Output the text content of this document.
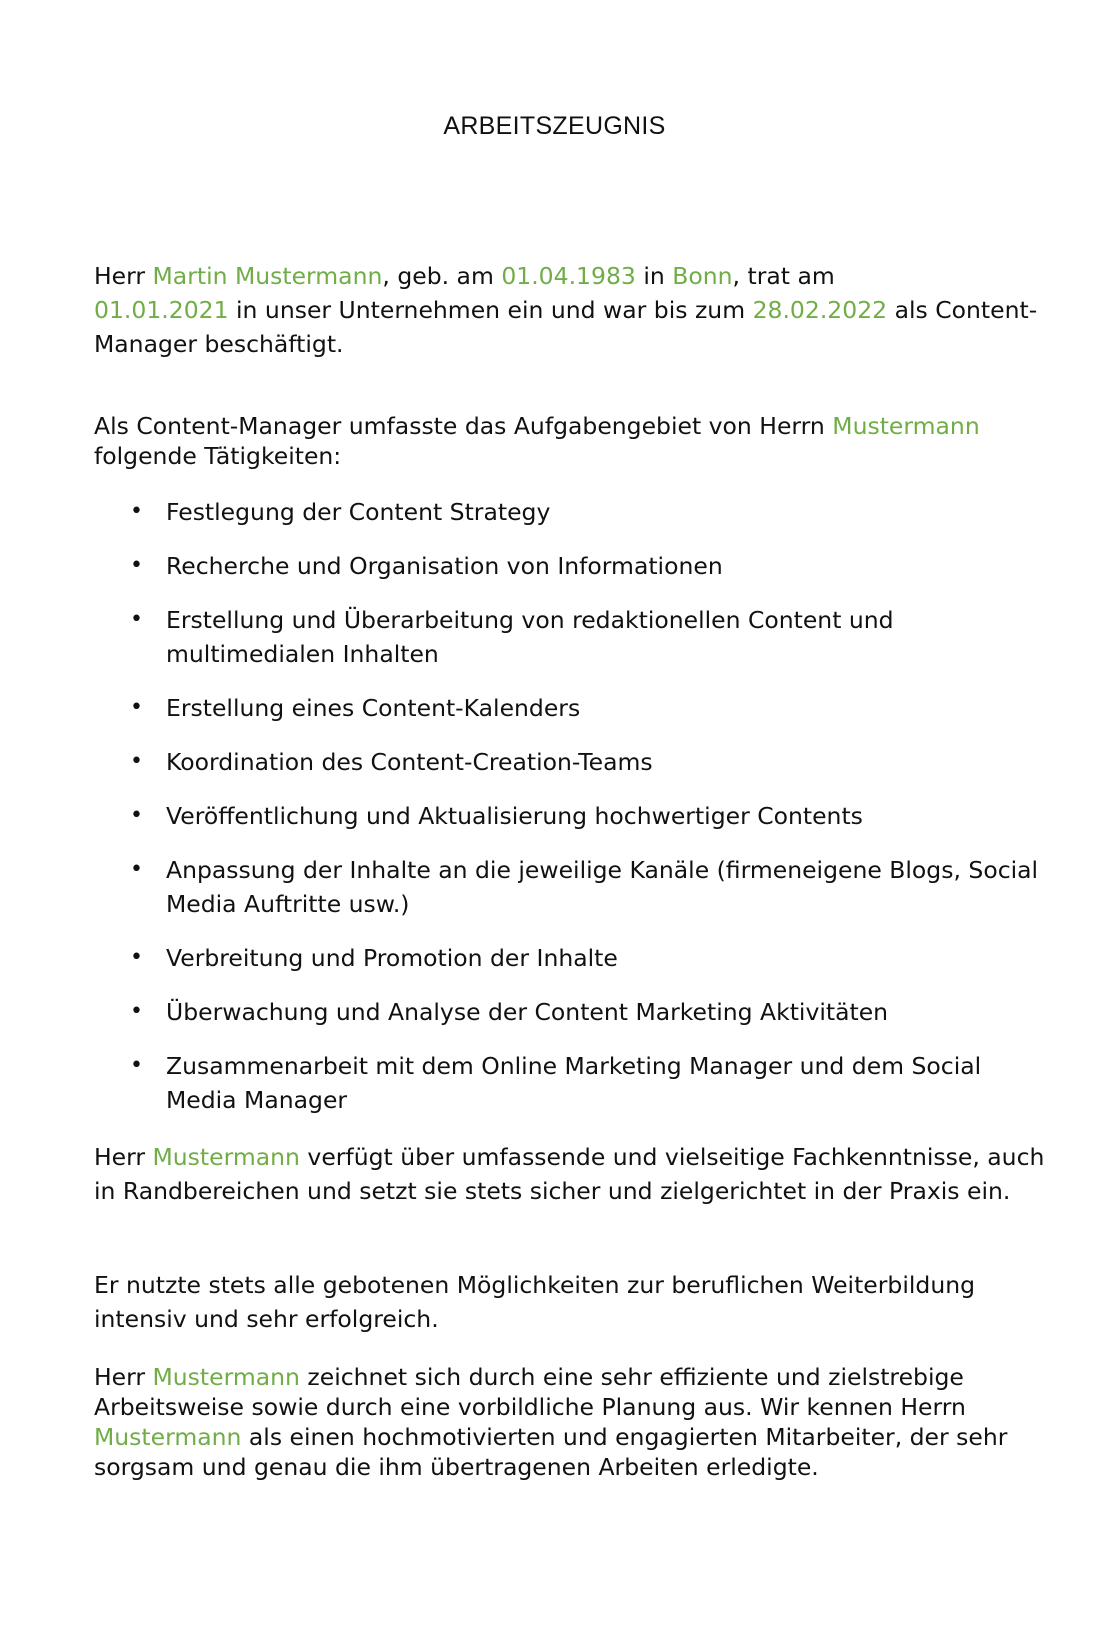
ARBEITSZEUGNIS
Herr Martin Mustermann, geb. am 01.04.1983 in Bonn, trat am
01.01.2021 in unser Unternehmen ein und war bis zum 28.02.2022 als Content-Manager beschäftigt.
Als Content-Manager umfasste das Aufgabengebiet von Herrn Mustermann
folgende Tätigkeiten:
• Festlegung der Content Strategy
• Recherche und Organisation von Informationen
• Erstellung und Überarbeitung von redaktionellen Content und multimedialen Inhalten
• Erstellung eines Content-Kalenders
• Koordination des Content-Creation-Teams
• Veröffentlichung und Aktualisierung hochwertiger Contents
• Anpassung der Inhalte an die jeweilige Kanäle (firmeneigene Blogs, Social Media Auftritte usw.)
• Verbreitung und Promotion der Inhalte
• Überwachung und Analyse der Content Marketing Aktivitäten
• Zusammenarbeit mit dem Online Marketing Manager und dem Social Media Manager
Herr Mustermann verfügt über umfassende und vielseitige Fachkenntnisse, auch in Randbereichen und setzt sie stets sicher und zielgerichtet in der Praxis ein.
Er nutzte stets alle gebotenen Möglichkeiten zur beruflichen Weiterbildung intensiv und sehr erfolgreich.
Herr Mustermann zeichnet sich durch eine sehr effiziente und zielstrebige Arbeitsweise sowie durch eine vorbildliche Planung aus. Wir kennen Herrn Mustermann als einen hochmotivierten und engagierten Mitarbeiter, der sehr sorgsam und genau die ihm übertragenen Arbeiten erledigte.
